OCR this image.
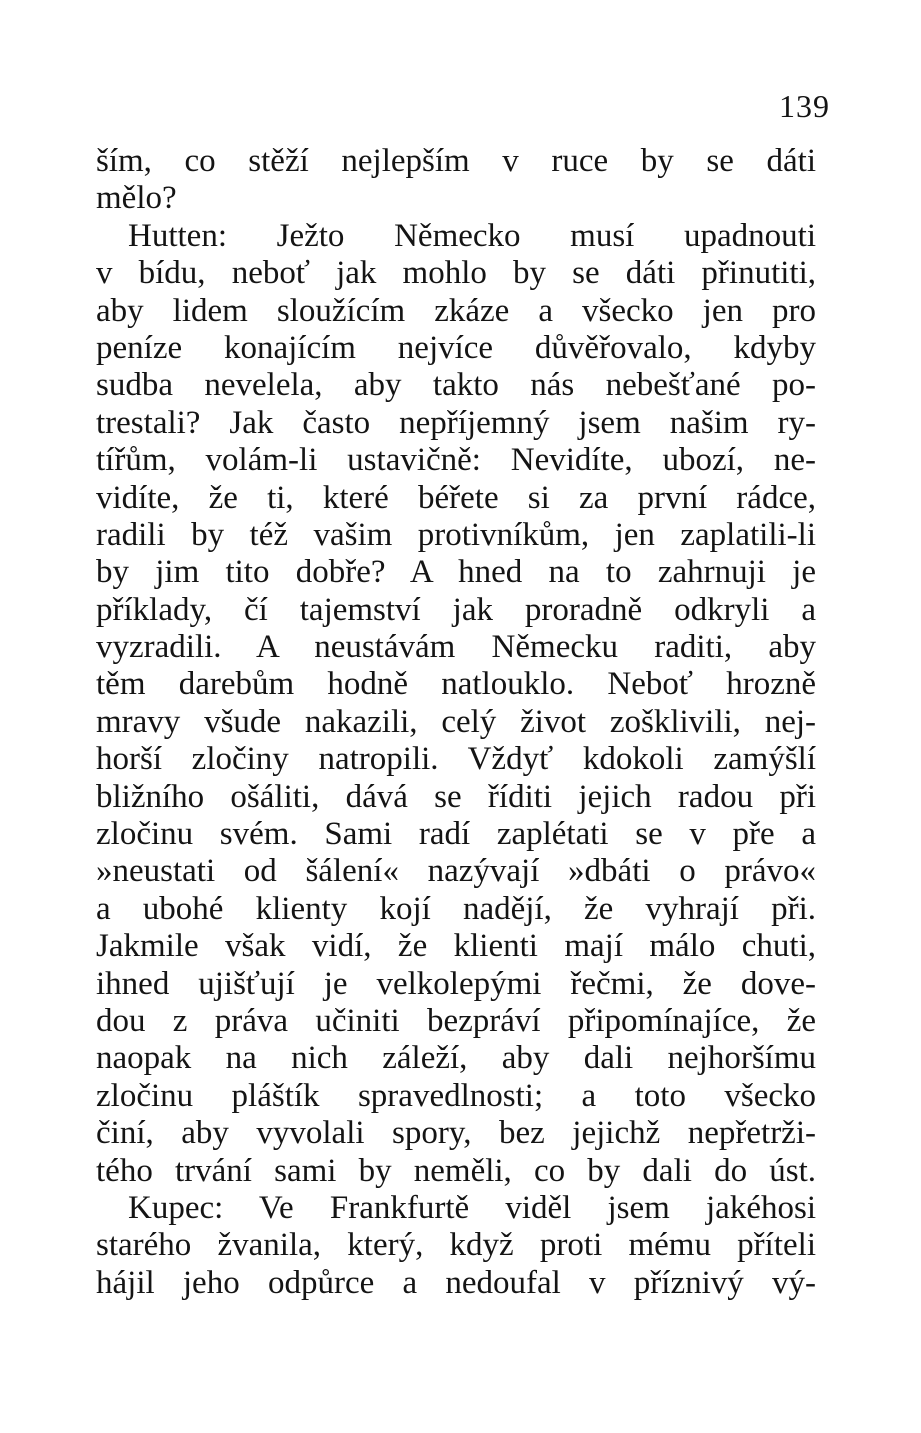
139
ším, co stěží nejlepším v ruce by se dáti
mělo?
Hutten: Ježto Německo musí upadnouti
v bídu, neboť jak mohlo by se dáti přinutiti,
aby lidem sloužícím zkáze a všecko jen pro
peníze konajícím nejvíce důvěřovalo, kdyby
sudba nevelela, aby takto nás nebešťané po-
trestali? Jak často nepříjemný jsem našim ry-
tířům, volám-li ustavičně: Nevidíte, ubozí, ne-
vidíte, že ti, které béřete si za první rádce,
radili by též vašim protivníkům, jen zaplatili-li
by jim tito dobře? A hned na to zahrnuji je
příklady, čí tajemství jak proradně odkryli a
vyzradili. A neustávám Německu raditi, aby
těm darebům hodně natlouklo. Neboť hrozně
mravy všude nakazili, celý život zošklivili, nej-
horší zločiny natropili. Vždyť kdokoli zamýšlí
bližního ošáliti, dává se říditi jejich radou při
zločinu svém. Sami radí zaplétati se v pře a
»neustati od šálení« nazývají »dbáti o právo«
a ubohé klienty kojí nadějí, že vyhrají při.
Jakmile však vidí, že klienti mají málo chuti,
ihned ujišťují je velkolepými řečmi, že dove-
dou z práva učiniti bezpráví připomínajíce, že
naopak na nich záleží, aby dali nejhoršímu
zločinu pláštík spravedlnosti; a toto všecko
činí, aby vyvolali spory, bez jejichž nepřetrži-
tého trvání sami by neměli, co by dali do úst.
Kupec: Ve Frankfurtě viděl jsem jakéhosi
starého žvanila, který, když proti mému příteli
hájil jeho odpůrce a nedoufal v příznivý vý-
